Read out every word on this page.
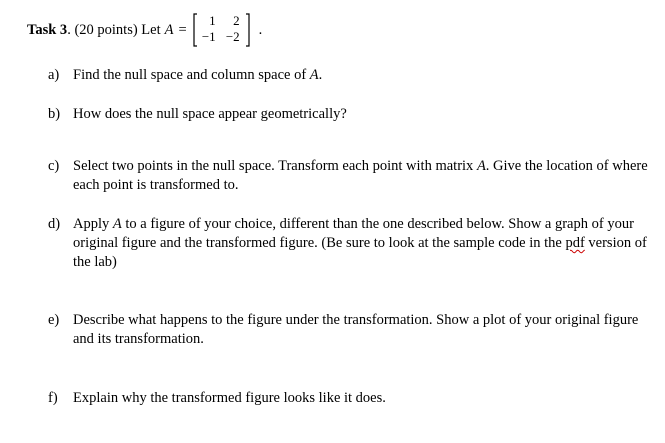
Task 3 . (20 points) Let A =
1	2
−1 −2 .
a) Find the null space and column space of A.
b) How does the null space appear geometrically?
c) Select two points in the null space. Transform each point with matrix A. Give the location of where each point is transformed to.
d) Apply A to a figure of your choice, different than the one described below. Show a graph of your original figure and the transformed figure. (Be sure to look at the sample code in the pdf version of the lab)
e) Describe what happens to the figure under the transformation. Show a plot of your original figure and its transformation.
f)	Explain why the transformed figure looks like it does.
